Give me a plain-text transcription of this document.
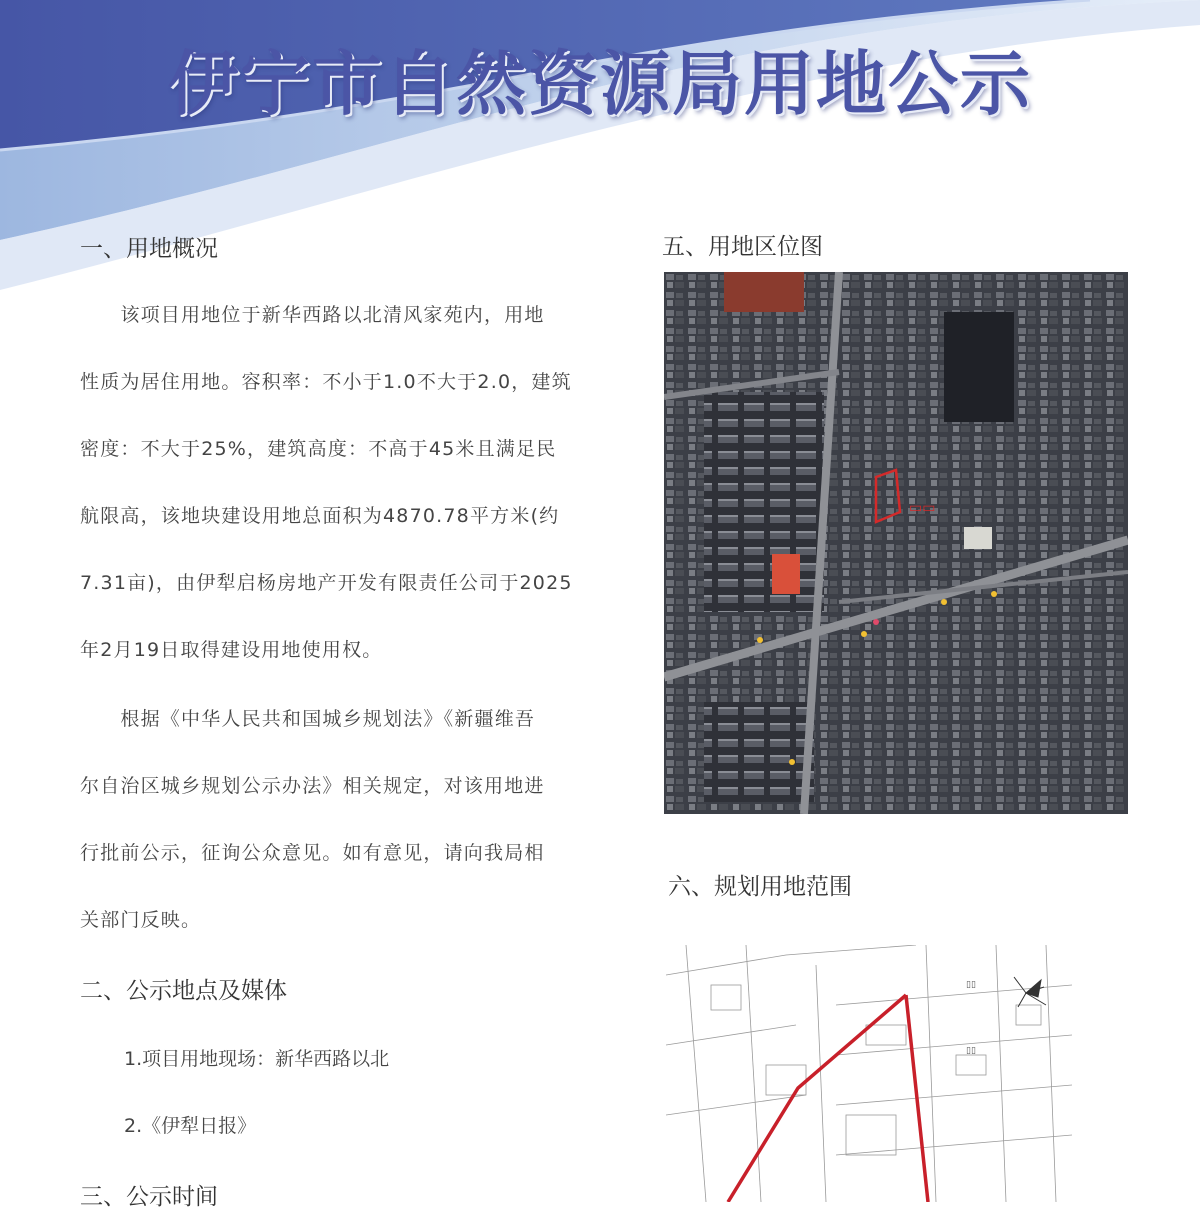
伊宁市自然资源局用地公示
一、用地概况
　　该项目用地位于新华西路以北清风家苑内，用地
性质为居住用地。容积率：不小于1.0不大于2.0，建筑
密度：不大于25%，建筑高度：不高于45米且满足民
航限高，该地块建设用地总面积为4870.78平方米(约
7.31亩)，由伊犁启杨房地产开发有限责任公司于2025
年2月19日取得建设用地使用权。
　　根据《中华人民共和国城乡规划法》《新疆维吾
尔自治区城乡规划公示办法》相关规定，对该用地进
行批前公示，征询公众意见。如有意见，请向我局相
关部门反映。
二、公示地点及媒体
1.项目用地现场：新华西路以北
2.《伊犁日报》
三、公示时间
五、用地区位图
▭▭
六、规划用地范围
▯▯
▯▯
